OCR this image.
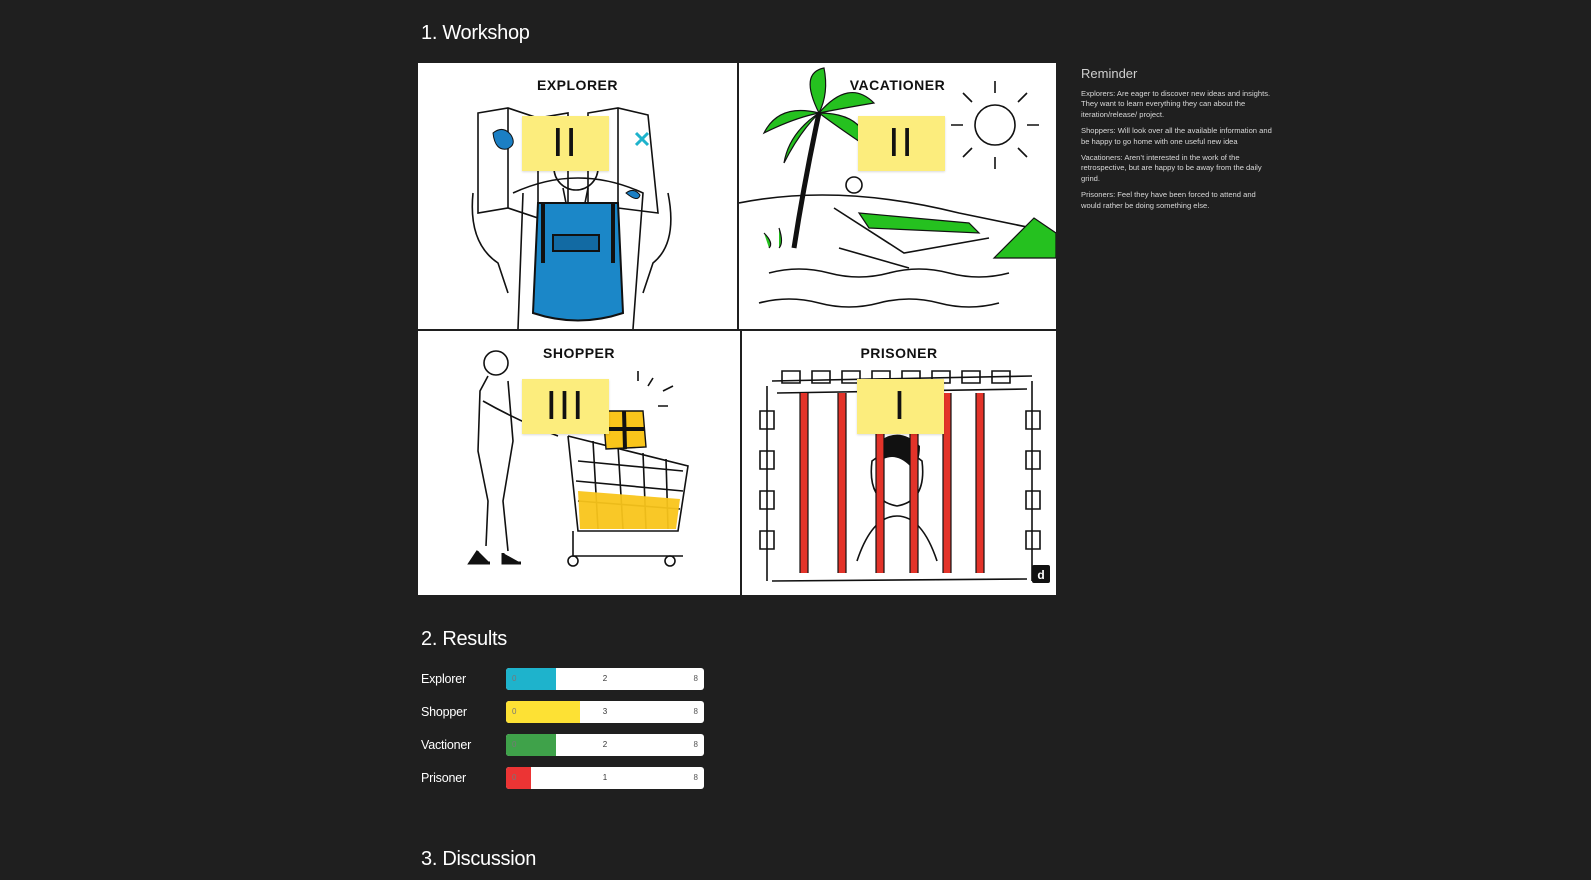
1. Workshop
EXPLORER
II
VACATIONER
II
SHOPPER
III
PRISONER
d
I
Reminder

Explorers: Are eager to discover new ideas and insights. They want to learn everything they can about the iteration/release/ project.

Shoppers: Will look over all the available information and be happy to go home with one useful new idea

Vacationers: Aren’t interested in the work of the retrospective, but are happy to be away from the daily grind.

Prisoners: Feel they have been forced to attend and would rather be doing something else.

2. Results
Explorer	0	2	8
Shopper	0	3	8
Vactioner	0	2	8
Prisoner	0	1	8
3. Discussion
